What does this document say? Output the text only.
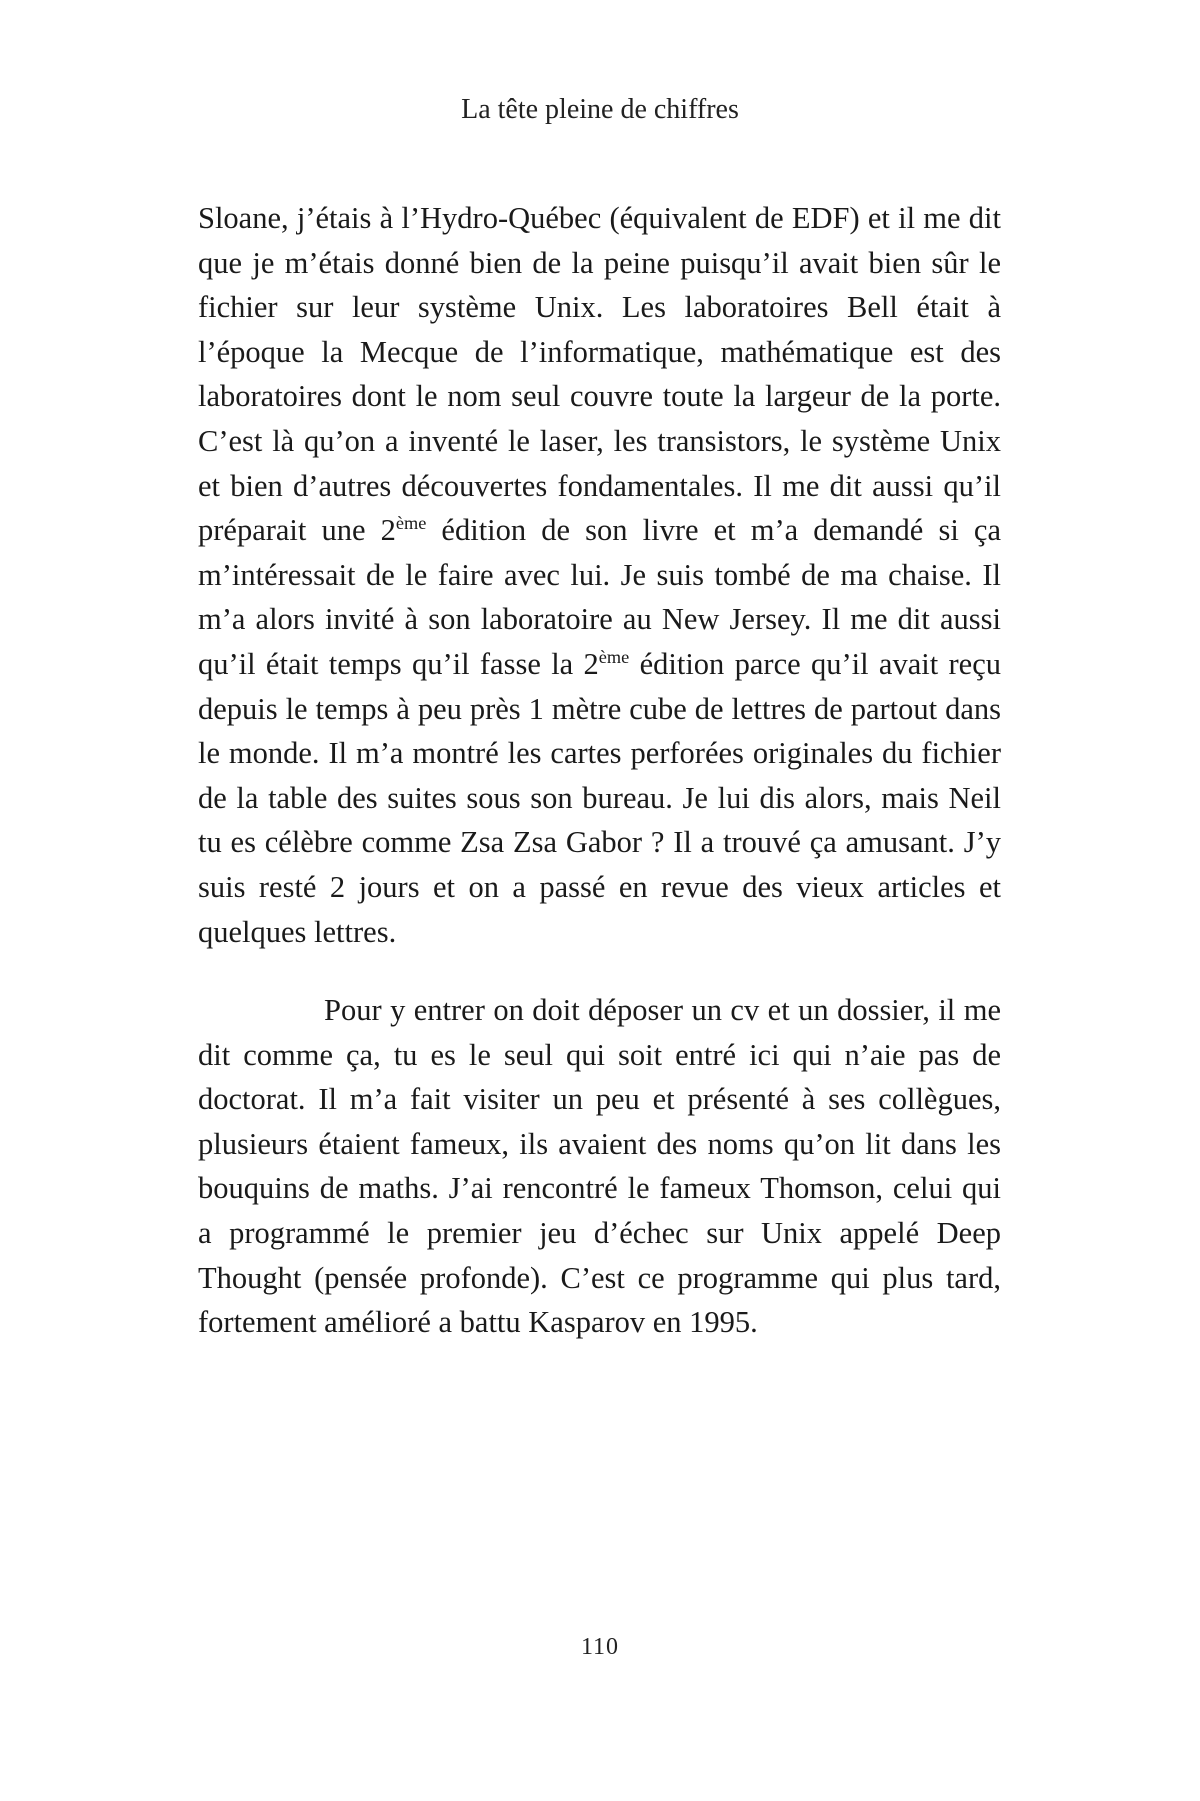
La tête pleine de chiffres

Sloane, j’étais à l’Hydro-Québec (équivalent de EDF) et il me dit que je m’étais donné bien de la peine puisqu’il avait bien sûr le fichier sur leur système Unix. Les laboratoires Bell était à l’époque la Mecque de l’informatique, mathématique est des laboratoires dont le nom seul couvre toute la largeur de la porte. C’est là qu’on a inventé le laser, les transistors, le système Unix et bien d’autres découvertes fondamentales. Il me dit aussi qu’il préparait une 2ème édition de son livre et m’a demandé si ça m’intéressait de le faire avec lui. Je suis tombé de ma chaise. Il m’a alors invité à son laboratoire au New Jersey. Il me dit aussi qu’il était temps qu’il fasse la 2ème édition parce qu’il avait reçu depuis le temps à peu près 1 mètre cube de lettres de partout dans le monde. Il m’a montré les cartes perforées originales du fichier de la table des suites sous son bureau. Je lui dis alors, mais Neil tu es célèbre comme Zsa Zsa Gabor ? Il a trouvé ça amusant. J’y suis resté 2 jours et on a passé en revue des vieux articles et quelques lettres.

Pour y entrer on doit déposer un cv et un dossier, il me dit comme ça, tu es le seul qui soit entré ici qui n’aie pas de doctorat. Il m’a fait visiter un peu et présenté à ses collègues, plusieurs étaient fameux, ils avaient des noms qu’on lit dans les bouquins de maths. J’ai rencontré le fameux Thomson, celui qui a programmé le premier jeu d’échec sur Unix appelé Deep Thought (pensée profonde). C’est ce programme qui plus tard, fortement amélioré a battu Kasparov en 1995.

110
